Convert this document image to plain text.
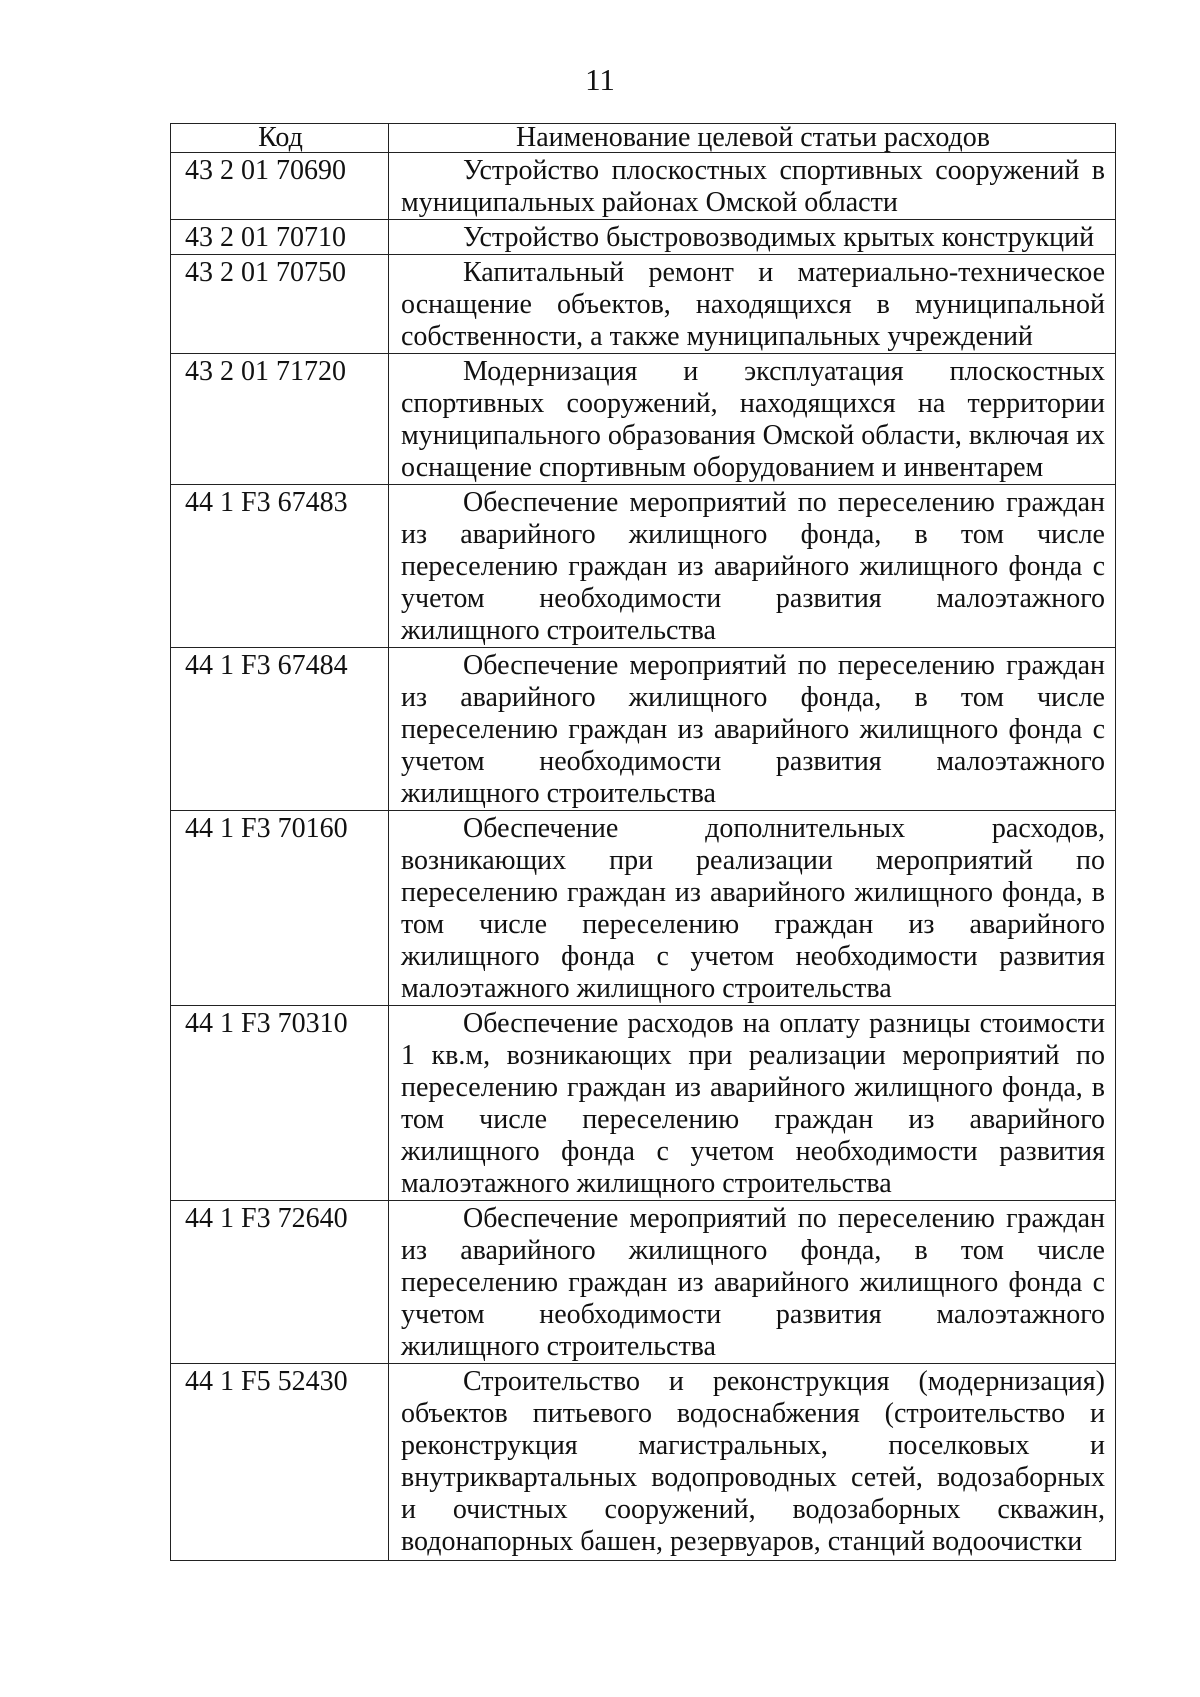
11
Код	Наименование целевой статьи расходов
43 2 01 70690	Устройство плоскостных спортивных сооружений в муниципальных районах Омской области
43 2 01 70710	Устройство быстровозводимых крытых конструкций
43 2 01 70750	Капитальный ремонт и материально-техническое оснащение объектов, находящихся в муниципальной собственности, а также муниципальных учреждений
43 2 01 71720	Модернизация и эксплуатация плоскостных спортивных сооружений, находящихся на территории муниципального образования Омской области, включая их оснащение спортивным оборудованием и инвентарем
44 1 F3 67483	Обеспечение мероприятий по переселению граждан из аварийного жилищного фонда, в том числе переселению граждан из аварийного жилищного фонда с учетом необходимости развития малоэтажного жилищного строительства
44 1 F3 67484	Обеспечение мероприятий по переселению граждан из аварийного жилищного фонда, в том числе переселению граждан из аварийного жилищного фонда с учетом необходимости развития малоэтажного жилищного строительства
44 1 F3 70160	Обеспечение дополнительных расходов, возникающих при реализации мероприятий по переселению граждан из аварийного жилищного фонда, в том числе переселению граждан из аварийного жилищного фонда с учетом необходимости развития малоэтажного жилищного строительства
44 1 F3 70310	Обеспечение расходов на оплату разницы стоимости 1 кв.м, возникающих при реализации мероприятий по переселению граждан из аварийного жилищного фонда, в том числе переселению граждан из аварийного жилищного фонда с учетом необходимости развития малоэтажного жилищного строительства
44 1 F3 72640	Обеспечение мероприятий по переселению граждан из аварийного жилищного фонда, в том числе переселению граждан из аварийного жилищного фонда с учетом необходимости развития малоэтажного жилищного строительства
44 1 F5 52430	Строительство и реконструкция (модернизация) объектов питьевого водоснабжения (строительство и реконструкция магистральных, поселковых и внутриквартальных водопроводных сетей, водозаборных и очистных сооружений, водозаборных скважин, водонапорных башен, резервуаров, станций водоочистки
